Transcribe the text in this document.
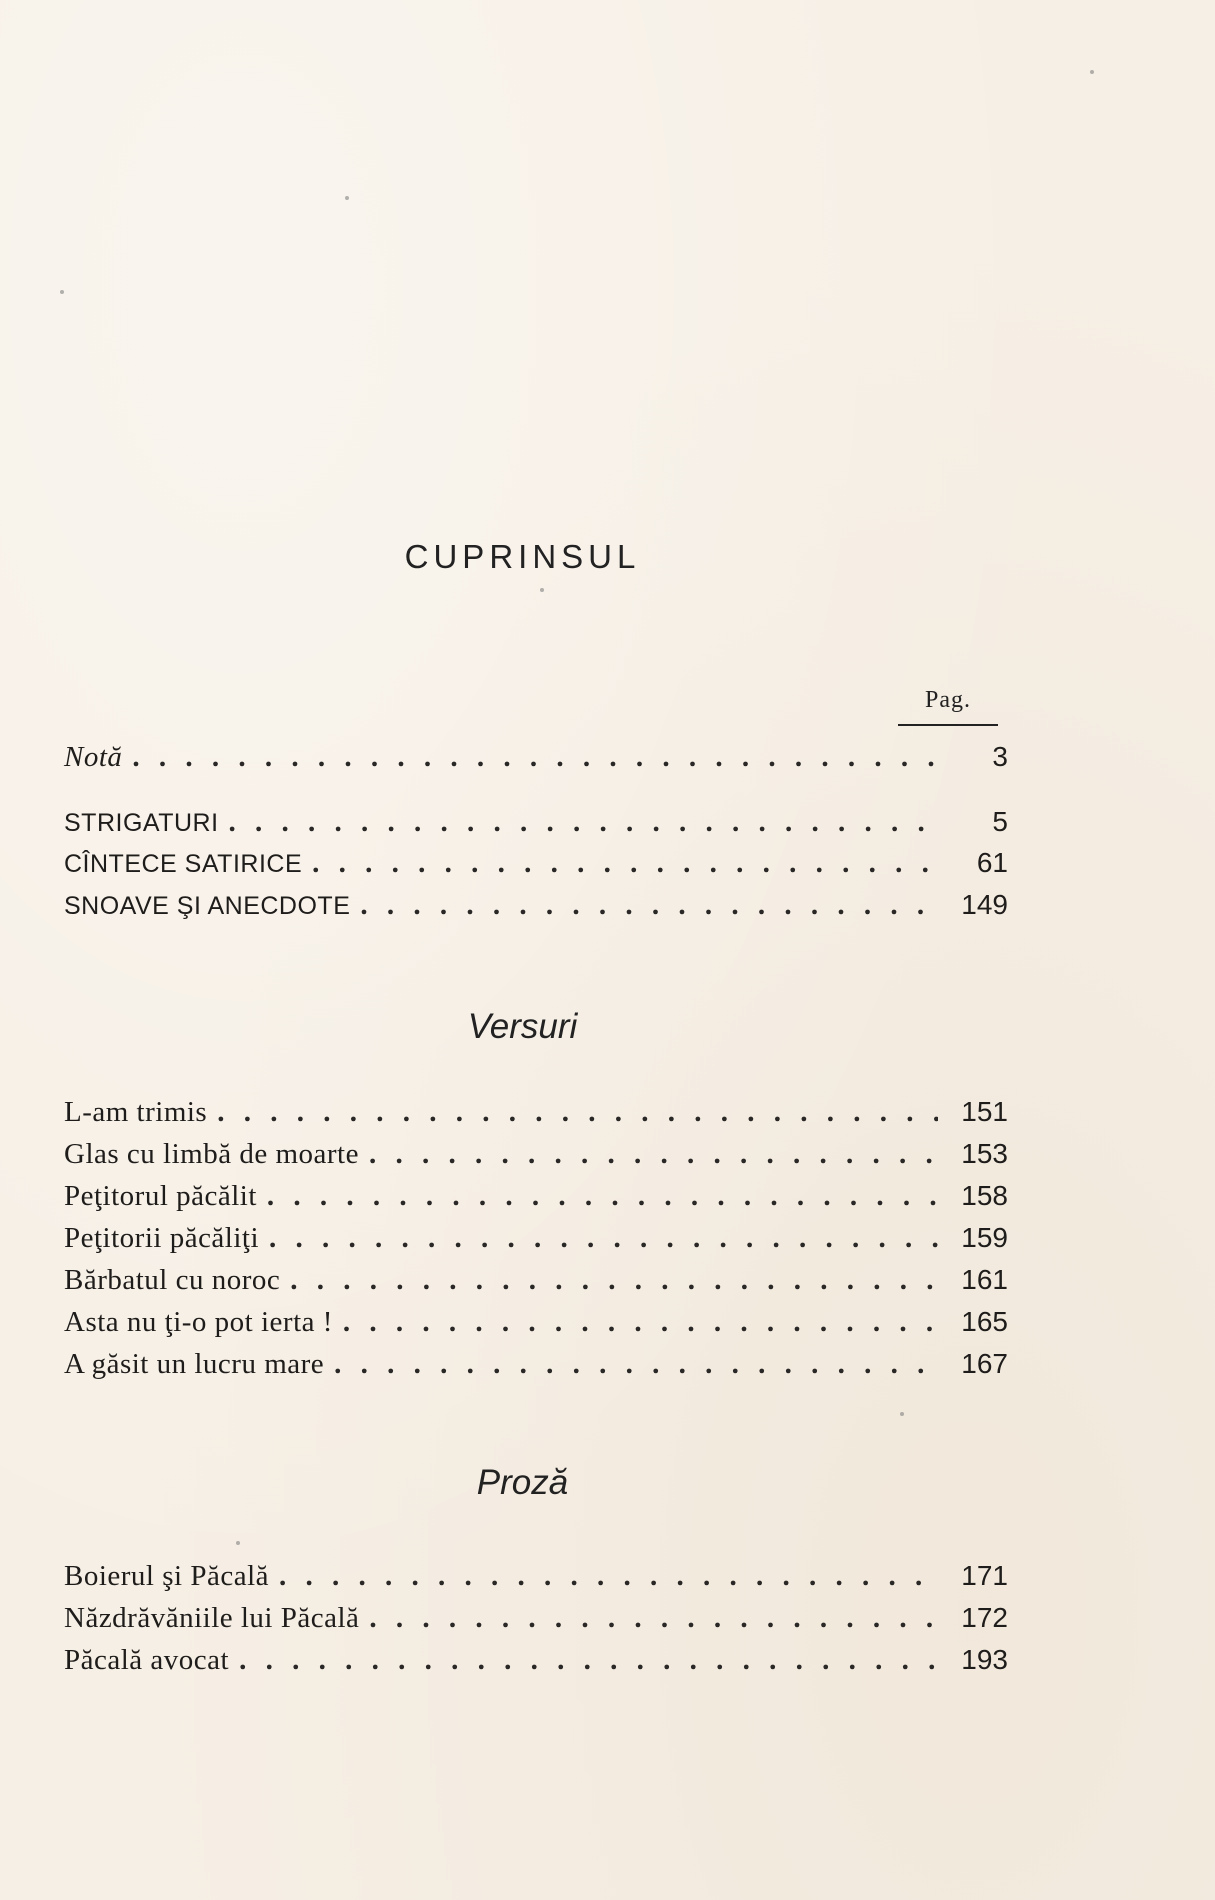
CUPRINSUL
Pag.
Notă . . .	3
STRIGATURI . . .	5
CÎNTECE SATIRICE . . .	61
SNOAVE ŞI ANECDOTE . . .	149
Versuri
L-am trimis . . .	151
Glas cu limbă de moarte . . .	153
Peţitorul păcălit . . .	158
Peţitorii păcăliţi . . .	159
Bărbatul cu noroc . . .	161
Asta nu ţi-o pot ierta ! . . .	165
A găsit un lucru mare . . .	167
Proză
Boierul şi Păcală . . .	171
Năzdrăvăniile lui Păcală . . .	172
Păcală avocat . . .	193
